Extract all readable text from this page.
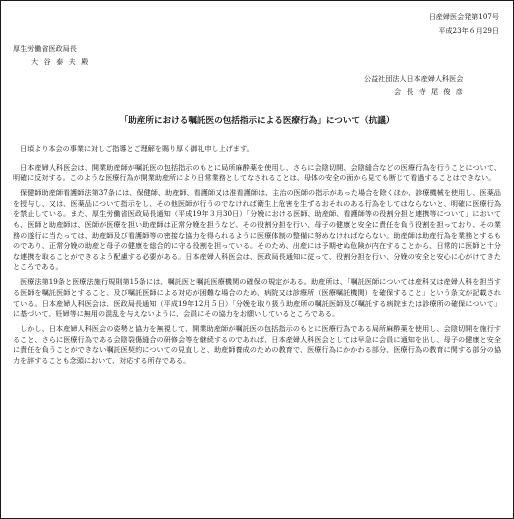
日産婦医会発第107号
平成23年６月29日
厚生労働省医政局長
大 谷 泰 夫 殿
公益社団法人日本産婦人科医会
会 長 寺 尾 俊 彦
「助産所における嘱託医の包括指示による医療行為」について（抗議）

日頃より本会の事業に対しご指導とご理解を賜り厚く御礼申し上げます。

日本産婦人科医会は、開業助産師が嘱託医の包括指示のもとに局所麻酔薬を使用し、さらに会陰切開、会陰縫合などの医療行為を行うことについて、明確に反対する。このような医療行為が開業助産所により日常業務としてなされることは、母体の安全の面から見ても断じて看過することはできない。

保健師助産師看護師法第37条には、保健師、助産師、看護師又は准看護師は、主治の医師の指示があった場合を除くほか、診療機械を使用し、医薬品を授与し、又は、医薬品について指示をし、その他医師が行うのでなければ衛生上危害を生ずるおそれのある行為をしてはならないと、明確に医療行為を禁止している。また、厚生労働省医政局長通知（平成19年３月30日）「分娩における医師、助産師、看護師等の役割分担と連携等について」においても、医師と助産師は、医師が医療を担い助産師は正常分娩を担うなど、その役割分担を行い、母子の健康と安全に責任を負う役割を担っており、その業務の遂行に当たっては、助産師及び看護師等の密接な協力を得られるように医療体制の整備に努めなければならない。助産師は助産行為を業務とするものであり、正常分娩の助産と母子の健康を総合的に守る役割を担っている。そのため、出産には予期せぬ危険が内在することから、日常的に医師と十分な連携を取ることができるよう配慮する必要がある。日本産婦人科医会は、医政局長通知に従って、役割分担を行い、分娩の安全と安心に心がけてきたところである。

医療法第19条と医療法施行規則第15条には、嘱託医と嘱託医療機関の確保の規定がある。助産所は、「嘱託医師については産科又は産婦人科を担当する医師を嘱託医師とすること、及び嘱託医師による対応が困難な場合のため、病院又は診療所（医療嘱託機関）を確保すること」という条文が記載されている。日本産婦人科医会は、医政局長通知（平成19年12月５日）「分娩を取り扱う助産所の嘱託医師及び嘱託する病院または診療所の確保について」に基づいて、妊婦等に無用の混乱を与えないように、会員にその協力をお願いしているところである。

しかし、日本産婦人科医会の姿勢と協力を無視して、開業助産師が嘱託医の包括指示のもとに医療行為である局所麻酔薬を使用し、会陰切開を施行すること、さらに医療行為である会陰裂傷縫合の研修会等を継続するのであれば、日本産婦人科医会としては早急に会員に通知を出し、母子の健康と安全に責任を負うことができない嘱託医契約についての見直しと、助産師養成のための教育で、医療行為にかかわる部分、医療行為の教育に関する部分の協力を辞することも念頭において、対応する所存である。
